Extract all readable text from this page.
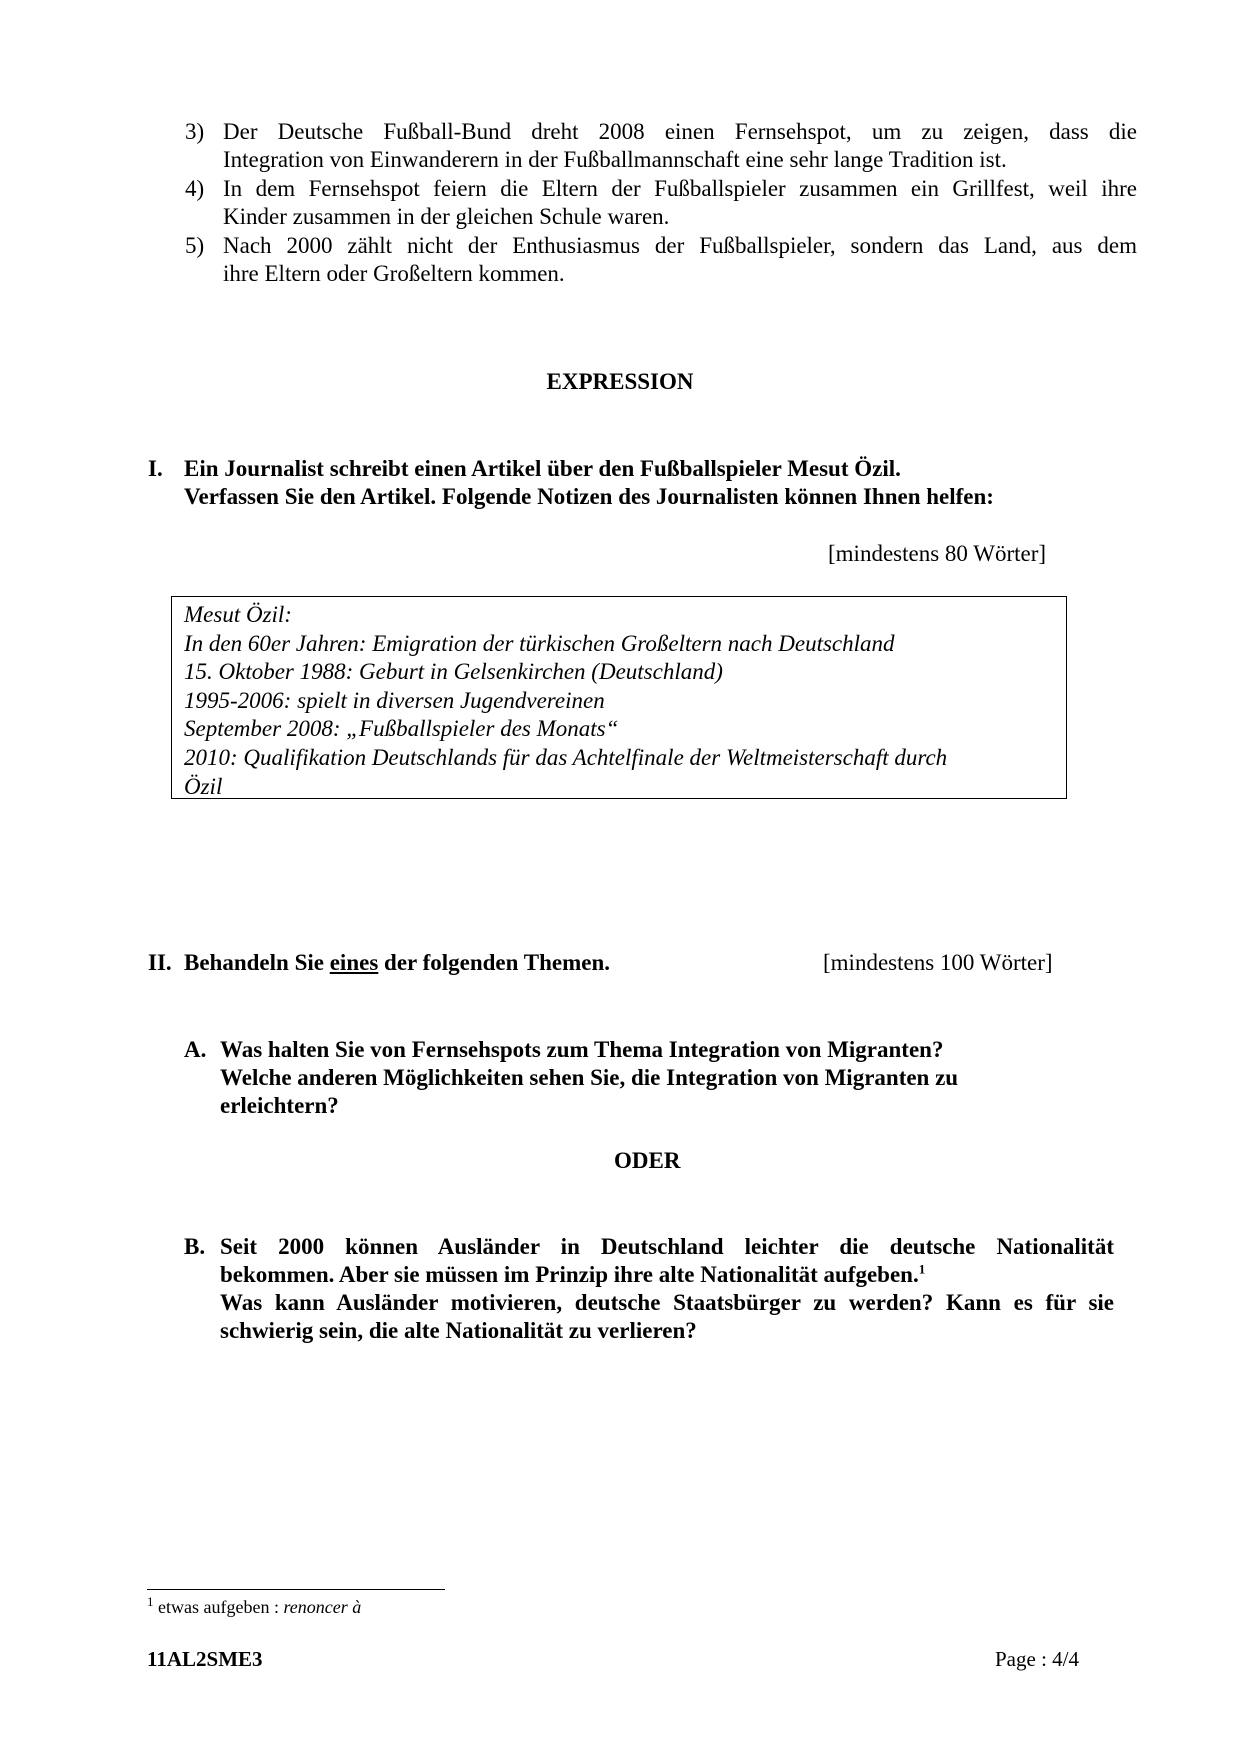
3) Der Deutsche Fußball-Bund dreht 2008 einen Fernsehspot, um zu zeigen, dass die
Integration von Einwanderern in der Fußballmannschaft eine sehr lange Tradition ist.
4) In dem Fernsehspot feiern die Eltern der Fußballspieler zusammen ein Grillfest, weil ihre
Kinder zusammen in der gleichen Schule waren.
5) Nach 2000 zählt nicht der Enthusiasmus der Fußballspieler, sondern das Land, aus dem
ihre Eltern oder Großeltern kommen.
EXPRESSION
I. Ein Journalist schreibt einen Artikel über den Fußballspieler Mesut Özil.
Verfassen Sie den Artikel. Folgende Notizen des Journalisten können Ihnen helfen:
[mindestens 80 Wörter]
Mesut Özil:
In den 60er Jahren: Emigration der türkischen Großeltern nach Deutschland
15. Oktober 1988: Geburt in Gelsenkirchen (Deutschland)
1995-2006: spielt in diversen Jugendvereinen
September 2008: „Fußballspieler des Monats“
2010: Qualifikation Deutschlands für das Achtelfinale der Weltmeisterschaft durch
Özil
II. Behandeln Sie eines der folgenden Themen.	[mindestens 100 Wörter]
A. Was halten Sie von Fernsehspots zum Thema Integration von Migranten?
Welche anderen Möglichkeiten sehen Sie, die Integration von Migranten zu
erleichtern?
ODER
B. Seit 2000 können Ausländer in Deutschland leichter die deutsche Nationalität
bekommen. Aber sie müssen im Prinzip ihre alte Nationalität aufgeben.$^1$
Was kann Ausländer motivieren, deutsche Staatsbürger zu werden? Kann es für sie
schwierig sein, die alte Nationalität zu verlieren?
$^1$ etwas aufgeben : renoncer à
11AL2SME3	Page : 4/4
